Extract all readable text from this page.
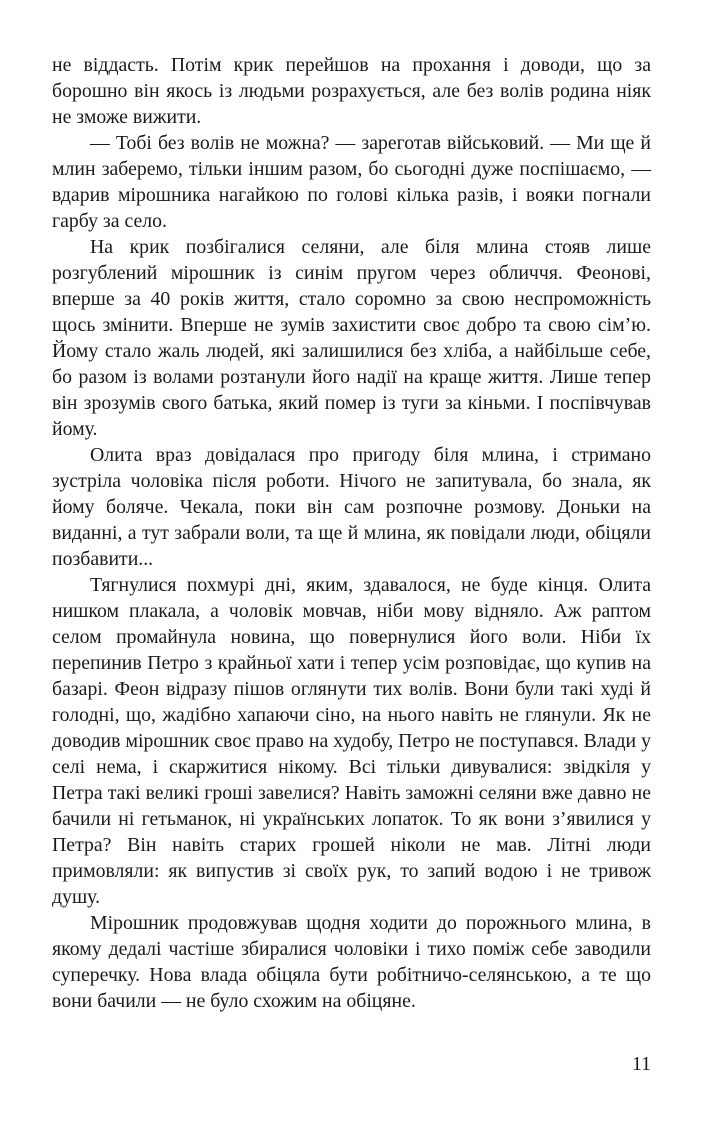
не віддасть. Потім крик перейшов на прохання і доводи, що за борошно він якось із людьми розрахується, але без волів родина ніяк не зможе вижити.

— Тобі без волів не можна? — зареготав військовий. — Ми ще й млин заберемо, тільки іншим разом, бо сьогодні дуже поспішаємо, — вдарив мірошника нагайкою по голові кілька разів, і вояки погнали гарбу за село.

На крик позбігалися селяни, але біля млина стояв лише розгублений мірошник із синім пругом через обличчя. Феонові, вперше за 40 років життя, стало соромно за свою неспроможність щось змінити. Вперше не зумів захистити своє добро та свою сім’ю. Йому стало жаль людей, які залишилися без хліба, а найбільше себе, бо разом із волами розтанули його надії на краще життя. Лише тепер він зрозумів свого батька, який помер із туги за кіньми. І поспівчував йому.

Олита враз довідалася про пригоду біля млина, і стримано зустріла чоловіка після роботи. Нічого не запитувала, бо знала, як йому боляче. Чекала, поки він сам розпочне розмову. Доньки на виданні, а тут забрали воли, та ще й млина, як повідали люди, обіцяли позбавити...

Тягнулися похмурі дні, яким, здавалося, не буде кінця. Олита нишком плакала, а чоловік мовчав, ніби мову відняло. Аж раптом селом промайнула новина, що повернулися його воли. Ніби їх перепинив Петро з крайньої хати і тепер усім розповідає, що купив на базарі. Феон відразу пішов оглянути тих волів. Вони були такі худі й голодні, що, жадібно хапаючи сіно, на нього навіть не глянули. Як не доводив мірошник своє право на худобу, Петро не поступався. Влади у селі нема, і скаржитися нікому. Всі тільки дивувалися: звідкіля у Петра такі великі гроші завелися? Навіть заможні селяни вже давно не бачили ні гетьманок, ні українських лопаток. То як вони з’явилися у Петра? Він навіть старих грошей ніколи не мав. Літні люди примовляли: як випустив зі своїх рук, то запий водою і не тривож душу.

Мірошник продовжував щодня ходити до порожнього млина, в якому дедалі частіше збиралися чоловіки і тихо поміж себе заводили суперечку. Нова влада обіцяла бути робітничо-селянською, а те що вони бачили — не було схожим на обіцяне.

11
